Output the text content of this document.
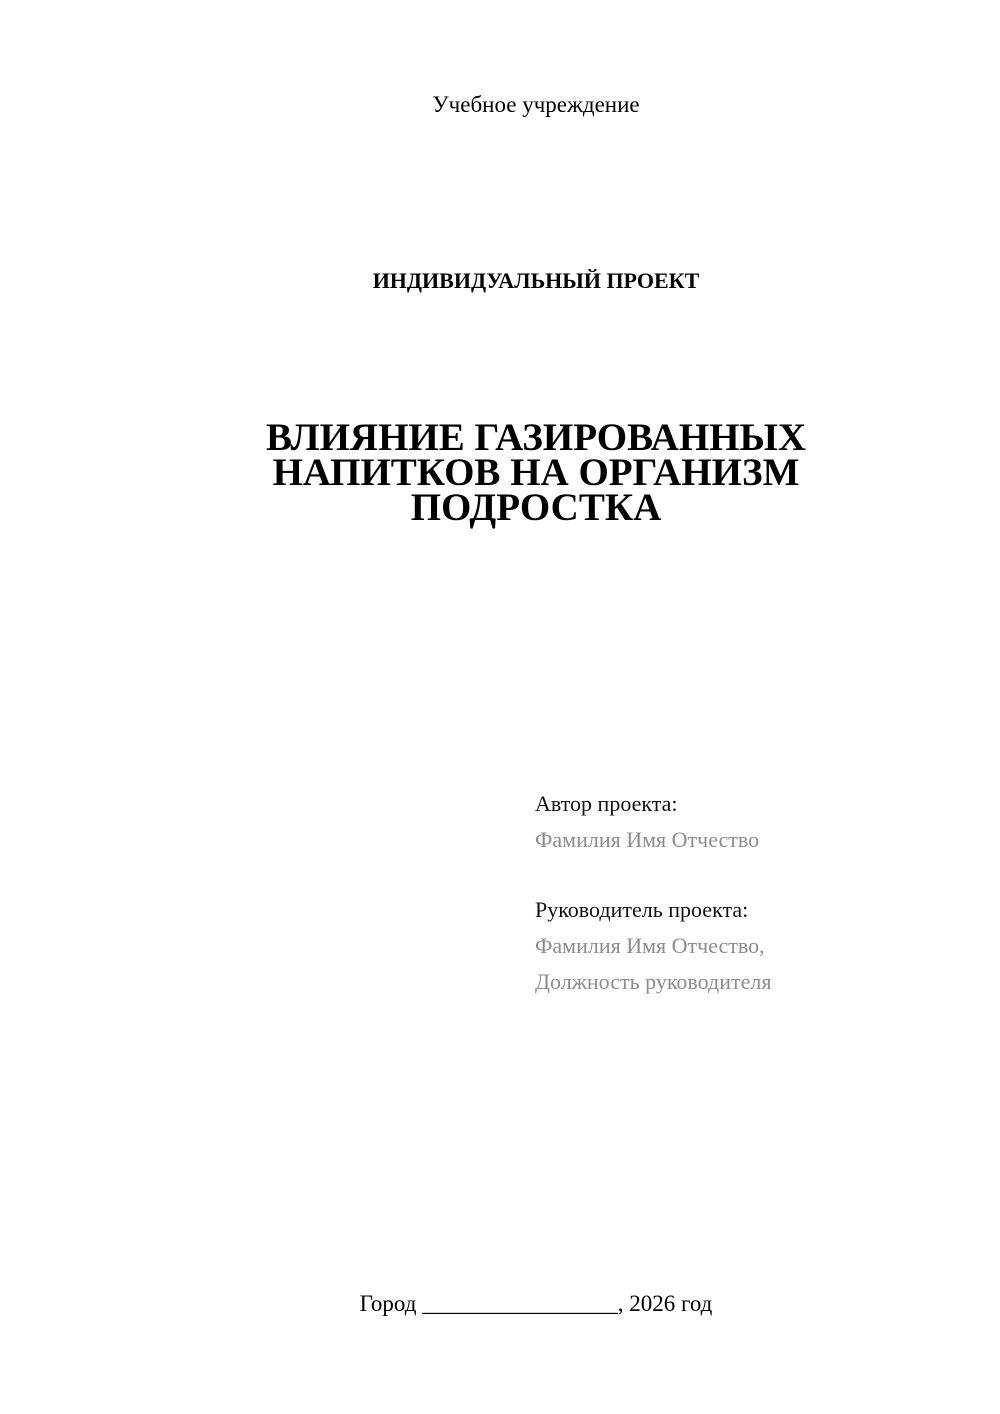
Учебное учреждение
ИНДИВИДУАЛЬНЫЙ ПРОЕКТ
ВЛИЯНИЕ ГАЗИРОВАННЫХ
НАПИТКОВ НА ОРГАНИЗМ
ПОДРОСТКА
Автор проекта:
Фамилия Имя Отчество
Руководитель проекта:
Фамилия Имя Отчество,
Должность руководителя
Город _________________, 2026 год
